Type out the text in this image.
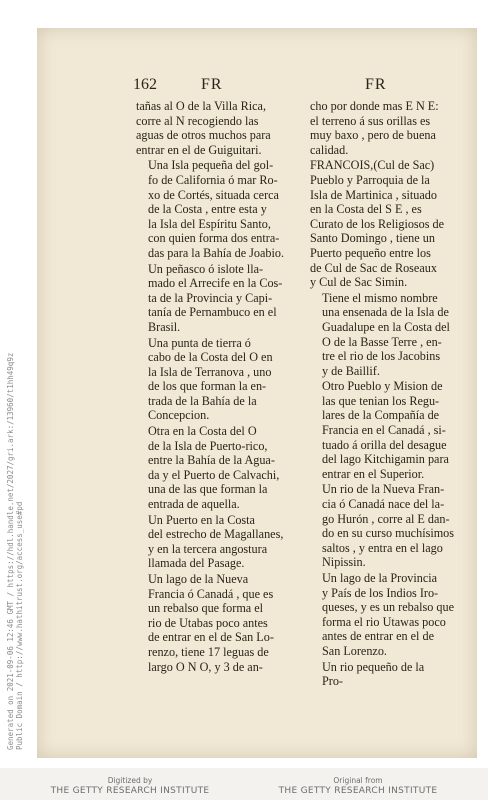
162	FR	FR

tañas al O de la Villa Rica,
corre al N recogiendo las
aguas de otros muchos para
entrar en el de Guiguitari.

Una Isla pequeña del gol-
fo de California ó mar Ro-
xo de Cortés, situada cerca
de la Costa , entre esta y
la Isla del Espíritu Santo,
con quien forma dos entra-
das para la Bahía de Joabio.

Un peñasco ó islote lla-
mado el Arrecife en la Cos-
ta de la Provincia y Capi-
tanía de Pernambuco en el
Brasil.

Una punta de tierra ó
cabo de la Costa del O en
la Isla de Terranova , uno
de los que forman la en-
trada de la Bahía de la
Concepcion.

Otra en la Costa del O
de la Isla de Puerto-rico,
entre la Bahía de la Agua-
da y el Puerto de Calvachi,
una de las que forman la
entrada de aquella.

Un Puerto en la Costa
del estrecho de Magallanes,
y en la tercera angostura
llamada del Pasage.

Un lago de la Nueva
Francia ó Canadá , que es
un rebalso que forma el
rio de Utabas poco antes
de entrar en el de San Lo-
renzo, tiene 17 leguas de
largo O N O, y 3 de an-

cho por donde mas E N E:
el terreno á sus orillas es
muy baxo , pero de buena
calidad.

FRANCOIS,(Cul de Sac)
Pueblo y Parroquia de la
Isla de Martinica , situado
en la Costa del S E , es
Curato de los Religiosos de
Santo Domingo , tiene un
Puerto pequeño entre los
de Cul de Sac de Roseaux
y Cul de Sac Simin.

Tiene el mismo nombre
una ensenada de la Isla de
Guadalupe en la Costa del
O de la Basse Terre , en-
tre el rio de los Jacobins
y de Baillif.

Otro Pueblo y Mision de
las que tenian los Regu-
lares de la Compañía de
Francia en el Canadá , si-
tuado á orilla del desague
del lago Kitchigamin para
entrar en el Superior.

Un rio de la Nueva Fran-
cia ó Canadá nace del la-
go Hurón , corre al E dan-
do en su curso muchísimos
saltos , y entra en el lago
Nipissin.

Un lago de la Provincia
y País de los Indios Iro-
queses, y es un rebalso que
forma el rio Utawas poco
antes de entrar en el de
San Lorenzo.

Un rio pequeño de la
Pro-

Generated on 2021-09-06 12:46 GMT / https://hdl.handle.net/2027/gri.ark:/13960/t1hh49q9z Public Domain / http://www.hathitrust.org/access_use#pd
Digitized by
THE GETTY RESEARCH INSTITUTE
Original from
THE GETTY RESEARCH INSTITUTE
